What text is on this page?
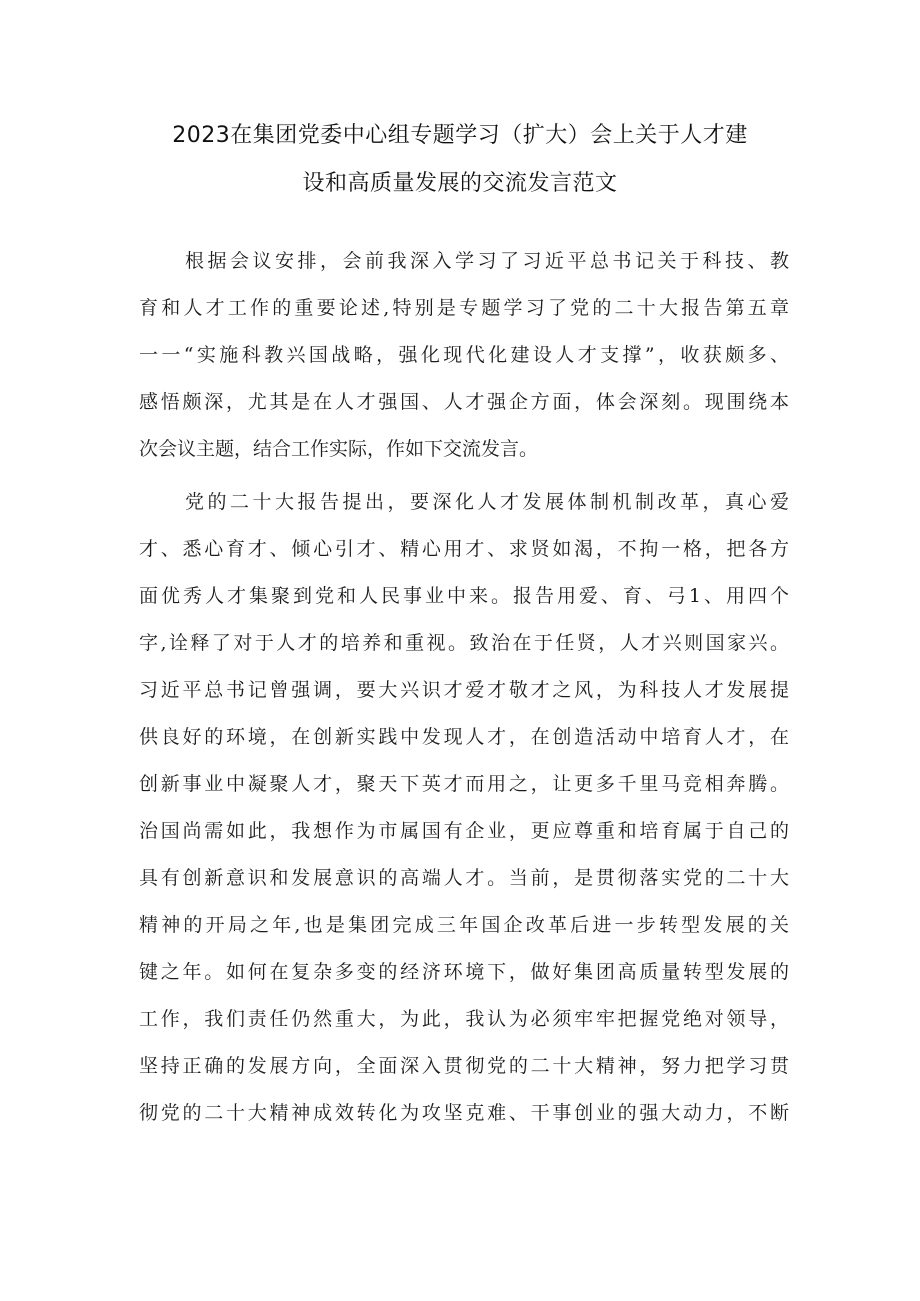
2023在集团党委中心组专题学习（扩大）会上关于人才建
设和高质量发展的交流发言范文
根据会议安排，会前我深入学习了习近平总书记关于科技、教
育和人才工作的重要论述,特别是专题学习了党的二十大报告第五章
一一“实施科教兴国战略，强化现代化建设人才支撑”，收获颇多、
感悟颇深，尤其是在人才强国、人才强企方面，体会深刻。现围绕本
次会议主题，结合工作实际，作如下交流发言。
党的二十大报告提出，要深化人才发展体制机制改革，真心爱
才、悉心育才、倾心引才、精心用才、求贤如渴，不拘一格，把各方
面优秀人才集聚到党和人民事业中来。报告用爱、育、弓1、用四个
字,诠释了对于人才的培养和重视。致治在于任贤，人才兴则国家兴。
习近平总书记曾强调，要大兴识才爱才敬才之风，为科技人才发展提
供良好的环境，在创新实践中发现人才，在创造活动中培育人才，在
创新事业中凝聚人才，聚天下英才而用之，让更多千里马竞相奔腾。
治国尚需如此，我想作为市属国有企业，更应尊重和培育属于自己的
具有创新意识和发展意识的高端人才。当前，是贯彻落实党的二十大
精神的开局之年,也是集团完成三年国企改革后进一步转型发展的关
键之年。如何在复杂多变的经济环境下，做好集团高质量转型发展的
工作，我们责任仍然重大，为此，我认为必须牢牢把握党绝对领导，
坚持正确的发展方向，全面深入贯彻党的二十大精神，努力把学习贯
彻党的二十大精神成效转化为攻坚克难、干事创业的强大动力，不断
